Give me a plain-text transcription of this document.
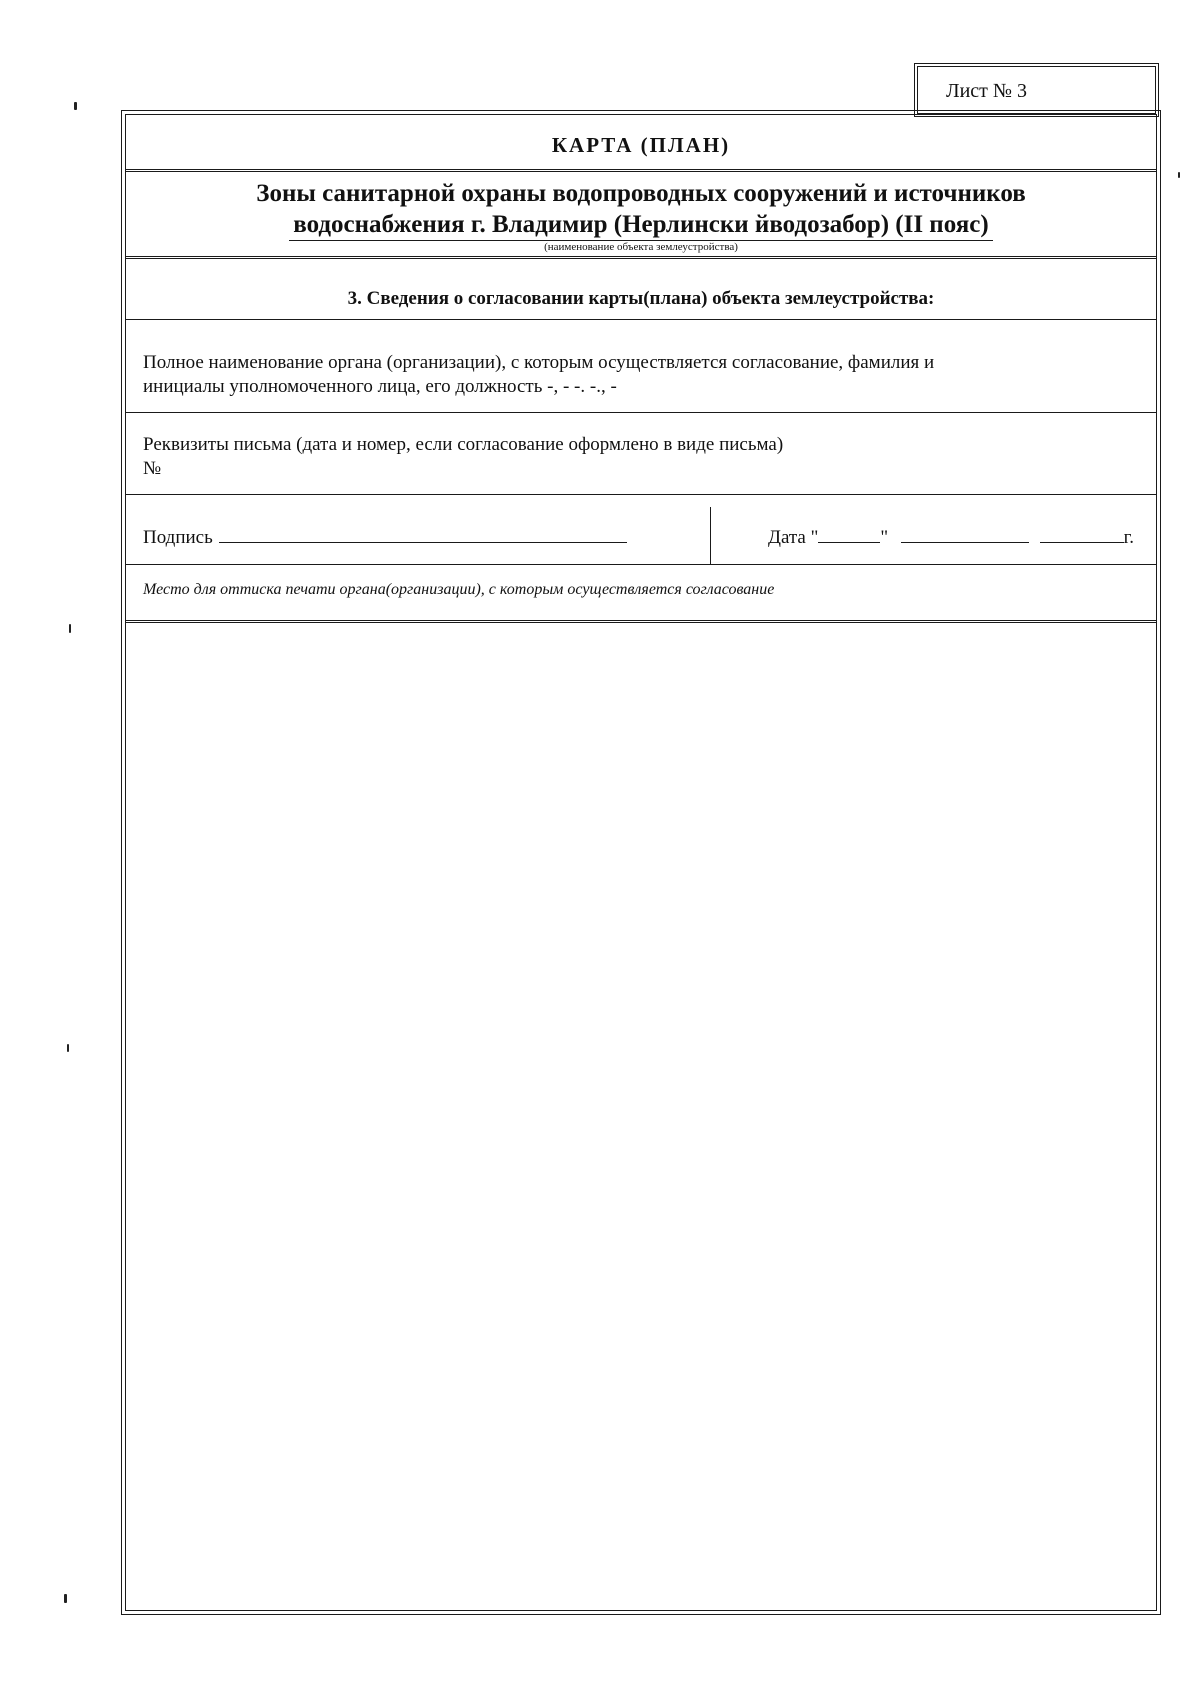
Лист № 3
КАРТА (ПЛАН)
Зоны санитарной охраны водопроводных сооружений и источников
водоснабжения г. Владимир (Нерлински йводозабор) (II пояс)
(наименование объекта землеустройства)
3. Сведения о согласовании карты(плана) объекта землеустройства:
Полное наименование органа (организации), с которым осуществляется согласование, фамилия и
инициалы уполномоченного лица, его должность -, - -. -., -
Реквизиты письма (дата и номер, если согласование оформлено в виде письма)
№
Подпись	Дата "	"	г.
Место для оттиска печати органа(организации), с которым осуществляется согласование
